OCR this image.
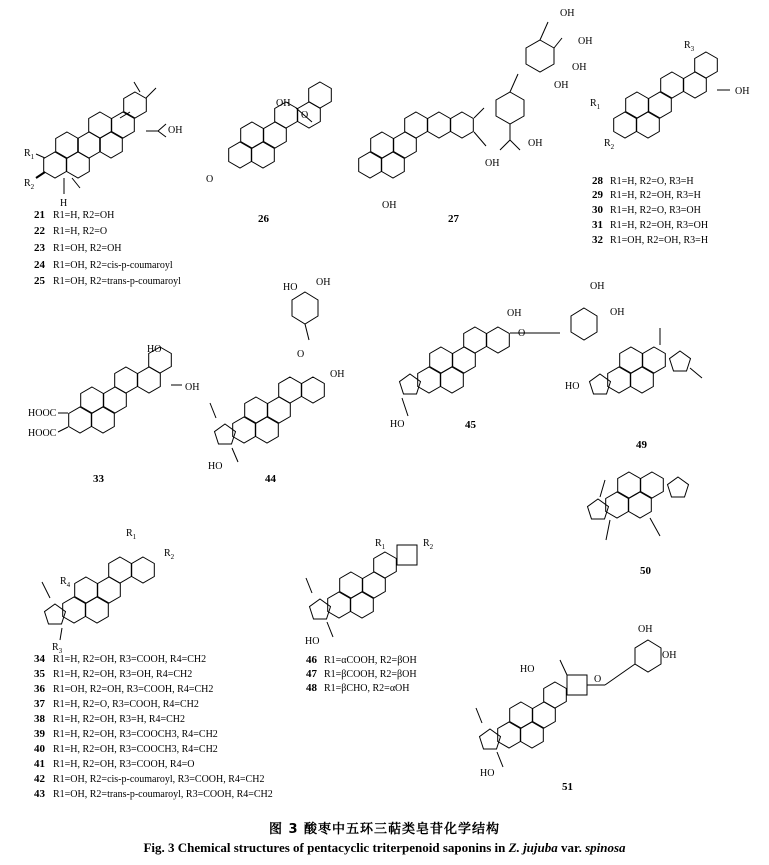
OH
$R_1$
$R_2$
H
21 R1=H, R2=OH
22 R1=H, R2=O
23 R1=OH, R2=OH
24 R1=OH, R2=cis-p-coumaroyl
25 R1=OH, R2=trans-p-coumaroyl
OH
O
O
26
OH
OH
OH
OH
OH
OH
OH
27
OH
$R_1$
$R_2$
$R_3$
28 R1=H, R2=O, R3=H
29 R1=H, R2=OH, R3=H
30 R1=H, R2=O, R3=OH
31 R1=H, R2=OH, R3=OH
32 R1=OH, R2=OH, R3=H
OH
HO
HOOC
HOOC
33
HO OH
O
OH
HO
44
OH
OH
OH
O
HO	45
HO
49
50
$R_4$
$R_3$
$R_1$
$R_2$
34 R1=H, R2=OH, R3=COOH, R4=CH2
35 R1=H, R2=OH, R3=OH, R4=CH2
36 R1=OH, R2=OH, R3=COOH, R4=CH2
37 R1=H, R2=O, R3=COOH, R4=CH2
38 R1=H, R2=OH, R3=H, R4=CH2
39 R1=H, R2=OH, R3=COOCH3, R4=CH2
40 R1=H, R2=OH, R3=COOCH3, R4=CH2
41 R1=H, R2=OH, R3=COOH, R4=O
42 R1=OH, R2=cis-p-coumaroyl, R3=COOH, R4=CH2
43 R1=OH, R2=trans-p-coumaroyl, R3=COOH, R4=CH2
$R_1$	$R_2$
HO
46 R1=αCOOH, R2=βOH
47 R1=βCOOH, R2=βOH
48 R1=βCHO, R2=αOH
HO
OH
OH
O
HO
51
图 3 酸枣中五环三萜类皂苷化学结构
Fig. 3 Chemical structures of pentacyclic triterpenoid saponins in Z. jujuba var. spinosa
